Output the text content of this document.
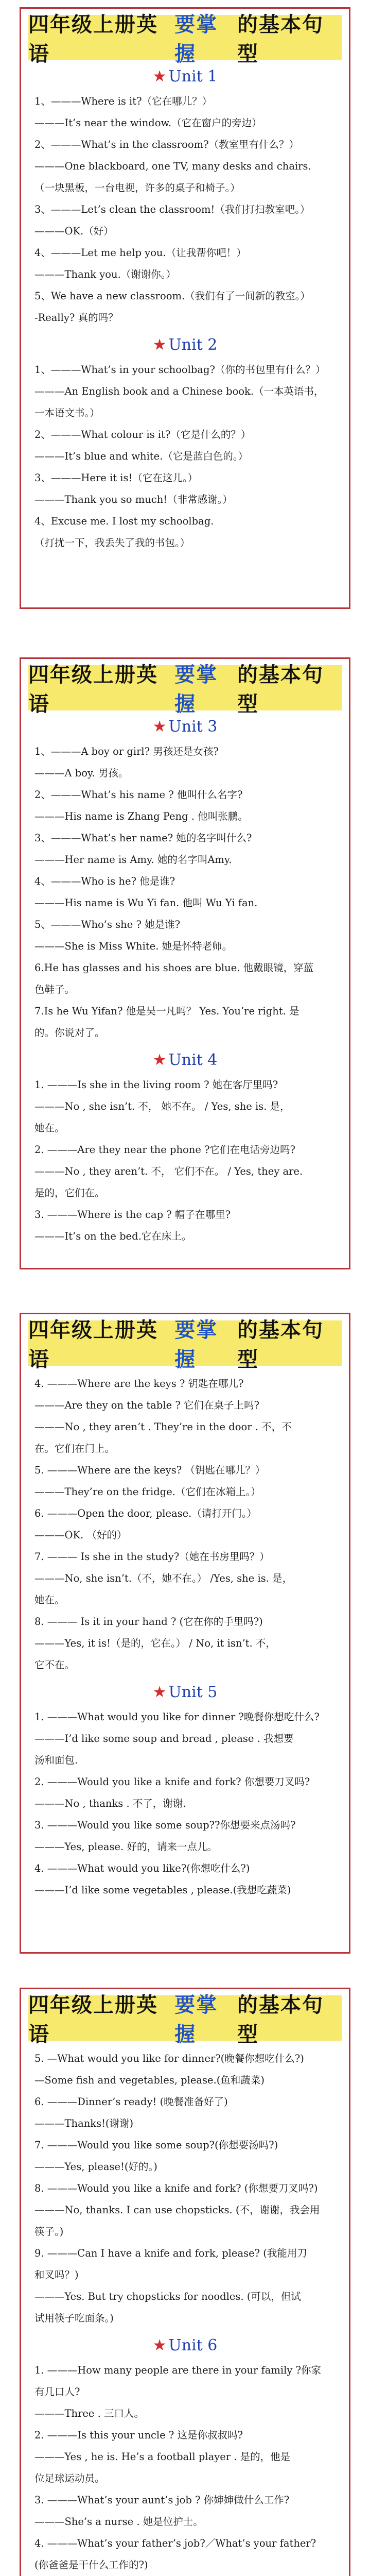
四年级上册英语
要掌握
的基本句型
★ Unit 1
1、———Where is it?（它在哪儿？）
———It’s near the window.（它在窗户的旁边）
2、———What’s in the classroom?（教室里有什么？）
———One blackboard, one TV, many desks and chairs.
（一块黑板，一台电视，许多的桌子和椅子。）
3、———Let’s clean the classroom!（我们打扫教室吧。）
———OK.（好）
4、———Let me help you.（让我帮你吧！）
———Thank you.（谢谢你。）
5、We have a new classroom.（我们有了一间新的教室。）
-Really? 真的吗？
★ Unit 2
1、———What’s in your schoolbag?（你的书包里有什么？）
———An English book and a Chinese book.（一本英语书，
一本语文书。）
2、———What colour is it?（它是什么的？）
———It’s blue and white.（它是蓝白色的。）
3、———Here it is!（它在这儿。）
———Thank you so much!（非常感谢。）
4、Excuse me. I lost my schoolbag.
（打扰一下，我丢失了我的书包。）
四年级上册英语
要掌握
的基本句型
★ Unit 3
1、———A boy or girl? 男孩还是女孩?
———A boy. 男孩。
2、———What’s his name ? 他叫什么名字?
———His name is Zhang Peng . 他叫张鹏。
3、———What’s her name? 她的名字叫什么?
———Her name is Amy. 她的名字叫Amy.
4、———Who is he? 他是谁?
———His name is Wu Yi fan. 他叫 Wu Yi fan.
5、———Who’s she ? 她是谁?
———She is Miss White. 她是怀特老师。
6.He has glasses and his shoes are blue. 他戴眼镜，穿蓝
色鞋子。
7.Is he Wu Yifan? 他是吴一凡吗？ Yes. You’re right. 是
的。你说对了。
★ Unit 4
1. ———Is she in the living room ? 她在客厅里吗?
———No , she isn’t. 不， 她不在。 / Yes, she is. 是，
她在。
2. ———Are they near the phone ?它们在电话旁边吗?
———No , they aren’t. 不， 它们不在。 / Yes, they are.
是的，它们在。
3. ———Where is the cap ? 帽子在哪里?
———It’s on the bed.它在床上。
四年级上册英语
要掌握
的基本句型
4. ———Where are the keys ? 钥匙在哪儿?
———Are they on the table ? 它们在桌子上吗?
———No , they aren’t . They’re in the door . 不，不
在。它们在门上。
5. ———Where are the keys? （钥匙在哪儿？）
———They’re on the fridge.（它们在冰箱上。）
6. ———Open the door, please.（请打开门。）
———OK. （好的）
7. ——— Is she in the study?（她在书房里吗？）
———No, she isn’t.（不，她不在。） /Yes, she is. 是，
她在。
8. ——— Is it in your hand ? (它在你的手里吗?)
———Yes, it is!（是的，它在。） / No, it isn’t. 不，
它不在。
★ Unit 5
1. ———What would you like for dinner ?晚餐你想吃什么?
———I’d like some soup and bread , please . 我想要
汤和面包.
2. ———Would you like a knife and fork? 你想要刀叉吗?
———No , thanks . 不了，谢谢.
3. ———Would you like some soup??你想要来点汤吗?
———Yes, please. 好的，请来一点儿。
4. ———What would you like?(你想吃什么?)
———I’d like some vegetables , please.(我想吃蔬菜)
四年级上册英语
要掌握
的基本句型
5. —What would you like for dinner?(晚餐你想吃什么?)
—Some fish and vegetables, please.(鱼和蔬菜)
6. ———Dinner’s ready! (晚餐准备好了)
———Thanks!(谢谢)
7. ———Would you like some soup?(你想要汤吗?)
———Yes, please!(好的。)
8. ———Would you like a knife and fork? (你想要刀叉吗?)
———No, thanks. I can use chopsticks. (不，谢谢，我会用
筷子。)
9. ———Can I have a knife and fork, please? (我能用刀
和叉吗？)
———Yes. But try chopsticks for noodles. (可以，但试
试用筷子吃面条。)
★ Unit 6
1. ———How many people are there in your family ?你家
有几口人?
———Three . 三口人。
2. ———Is this your uncle ? 这是你叔叔吗?
———Yes , he is. He’s a football player . 是的，他是
位足球运动员。
3. ———What’s your aunt’s job ? 你婶婶做什么工作?
———She’s a nurse . 她是位护士。
4. ———What’s your father’s job?／What’s your father?
(你爸爸是干什么工作的?)
